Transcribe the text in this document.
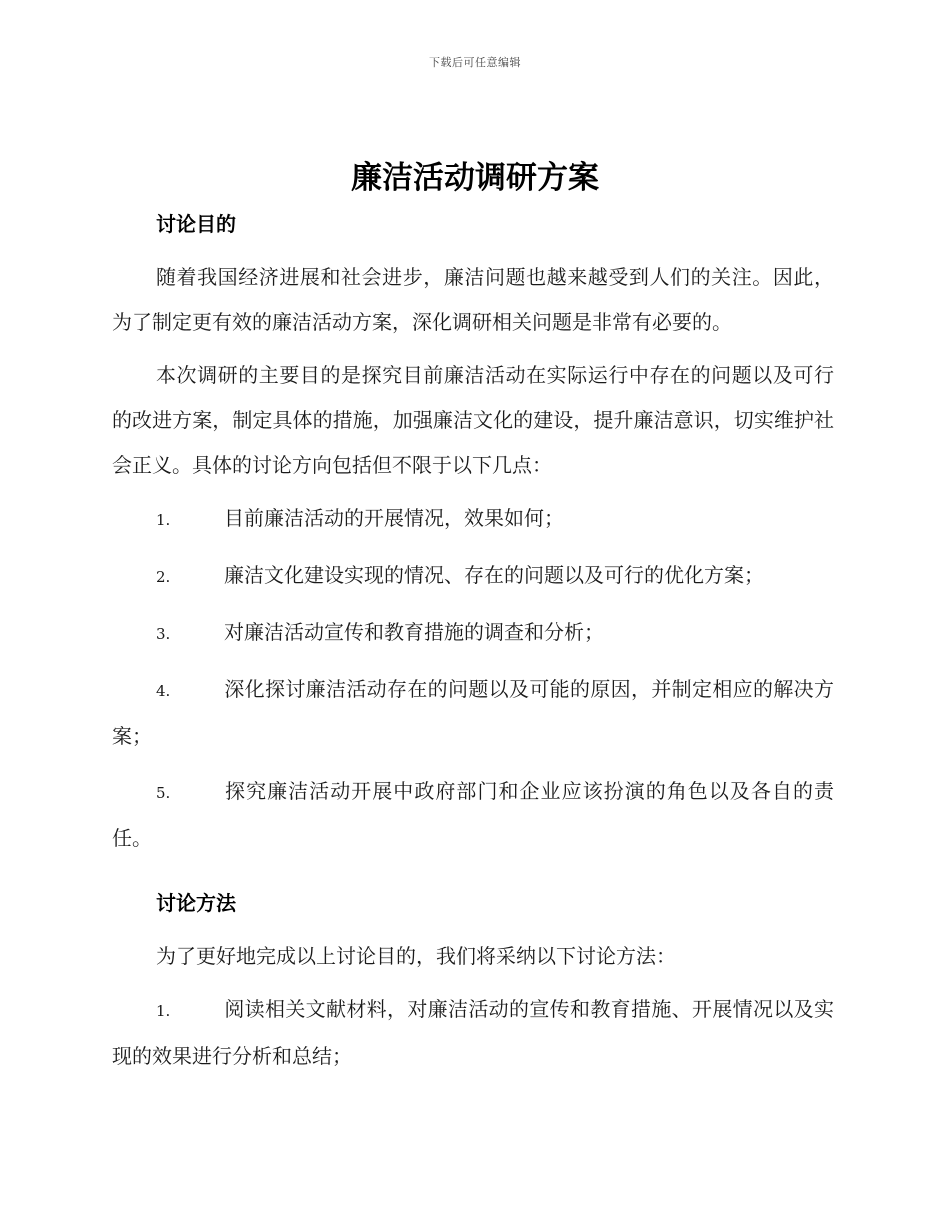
下载后可任意编辑
廉洁活动调研方案
讨论目的

随着我国经济进展和社会进步，廉洁问题也越来越受到人们的关注。因此，为了制定更有效的廉洁活动方案，深化调研相关问题是非常有必要的。

本次调研的主要目的是探究目前廉洁活动在实际运行中存在的问题以及可行的改进方案，制定具体的措施，加强廉洁文化的建设，提升廉洁意识，切实维护社会正义。具体的讨论方向包括但不限于以下几点：

1.	目前廉洁活动的开展情况，效果如何；

2.	廉洁文化建设实现的情况、存在的问题以及可行的优化方案；

3.	对廉洁活动宣传和教育措施的调查和分析；

4.	深化探讨廉洁活动存在的问题以及可能的原因，并制定相应的解决方案；

5.	探究廉洁活动开展中政府部门和企业应该扮演的角色以及各自的责任。

讨论方法

为了更好地完成以上讨论目的，我们将采纳以下讨论方法：

1.	阅读相关文献材料，对廉洁活动的宣传和教育措施、开展情况以及实现的效果进行分析和总结；
